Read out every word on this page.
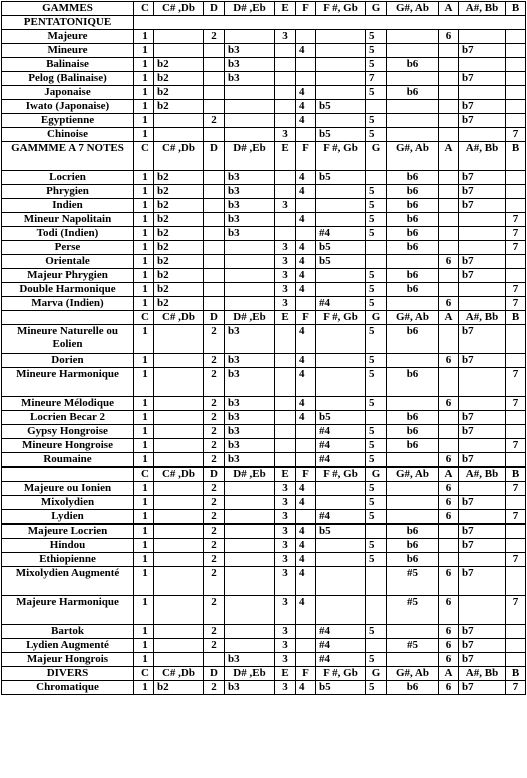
GAMMES	C	C# ,Db	D	D# ,Eb	E	F	F #, Gb	G	G#, Ab	A	A#, Bb	B
PENTATONIQUE												
Majeure	1		2		3			5		6		
Mineure	1			b3		4		5			b7	
Balinaise	1	b2		b3				5	b6			
Pelog (Balinaise)	1	b2		b3				7			b7	
Japonaise	1	b2				4		5	b6			
Iwato (Japonaise)	1	b2				4	b5				b7	
Egyptienne	1		2			4		5			b7	
Chinoise	1				3		b5	5				7
GAMMME A 7 NOTES	C	C# ,Db	D	D# ,Eb	E	F	F #, Gb	G	G#, Ab	A	A#, Bb	B
Locrien	1	b2		b3		4	b5		b6		b7	
Phrygien	1	b2		b3		4		5	b6		b7	
Indien	1	b2		b3	3			5	b6		b7	
Mineur Napolitain	1	b2		b3		4		5	b6			7
Todi (Indien)	1	b2		b3			#4	5	b6			7
Perse	1	b2			3	4	b5		b6			7
Orientale	1	b2			3	4	b5			6	b7	
Majeur Phrygien	1	b2			3	4		5	b6		b7	
Double Harmonique	1	b2			3	4		5	b6			7
Marva (Indien)	1	b2			3		#4	5		6		7
	C	C# ,Db	D	D# ,Eb	E	F	F #, Gb	G	G#, Ab	A	A#, Bb	B
Mineure Naturelle ou Eolien	1		2	b3		4		5	b6		b7	
Dorien	1		2	b3		4		5		6	b7	
Mineure Harmonique	1		2	b3		4		5	b6			7
Mineure Mélodique	1		2	b3		4		5		6		7
Locrien Becar 2	1		2	b3		4	b5		b6		b7	
Gypsy Hongroise	1		2	b3			#4	5	b6		b7	
Mineure Hongroise	1		2	b3			#4	5	b6			7
Roumaine	1		2	b3			#4	5		6	b7	
	C	C# ,Db	D	D# ,Eb	E	F	F #, Gb	G	G#, Ab	A	A#, Bb	B
Majeure ou Ionien	1		2		3	4		5		6		7
Mixolydien	1		2		3	4		5		6	b7	
Lydien	1		2		3		#4	5		6		7
Majeure Locrien	1		2		3	4	b5		b6		b7	
Hindou	1		2		3	4		5	b6		b7	
Ethiopienne	1		2		3	4		5	b6			7
Mixolydien Augmenté	1		2		3	4			#5	6	b7	
Majeure Harmonique	1		2		3	4			#5	6		7
Bartok	1		2		3		#4	5		6	b7	
Lydien Augmenté	1		2		3		#4		#5	6	b7	
Majeur Hongrois	1			b3	3		#4	5		6	b7	
DIVERS	C	C# ,Db	D	D# ,Eb	E	F	F #, Gb	G	G#, Ab	A	A#, Bb	B
Chromatique	1	b2	2	b3	3	4	b5	5	b6	6	b7	7
